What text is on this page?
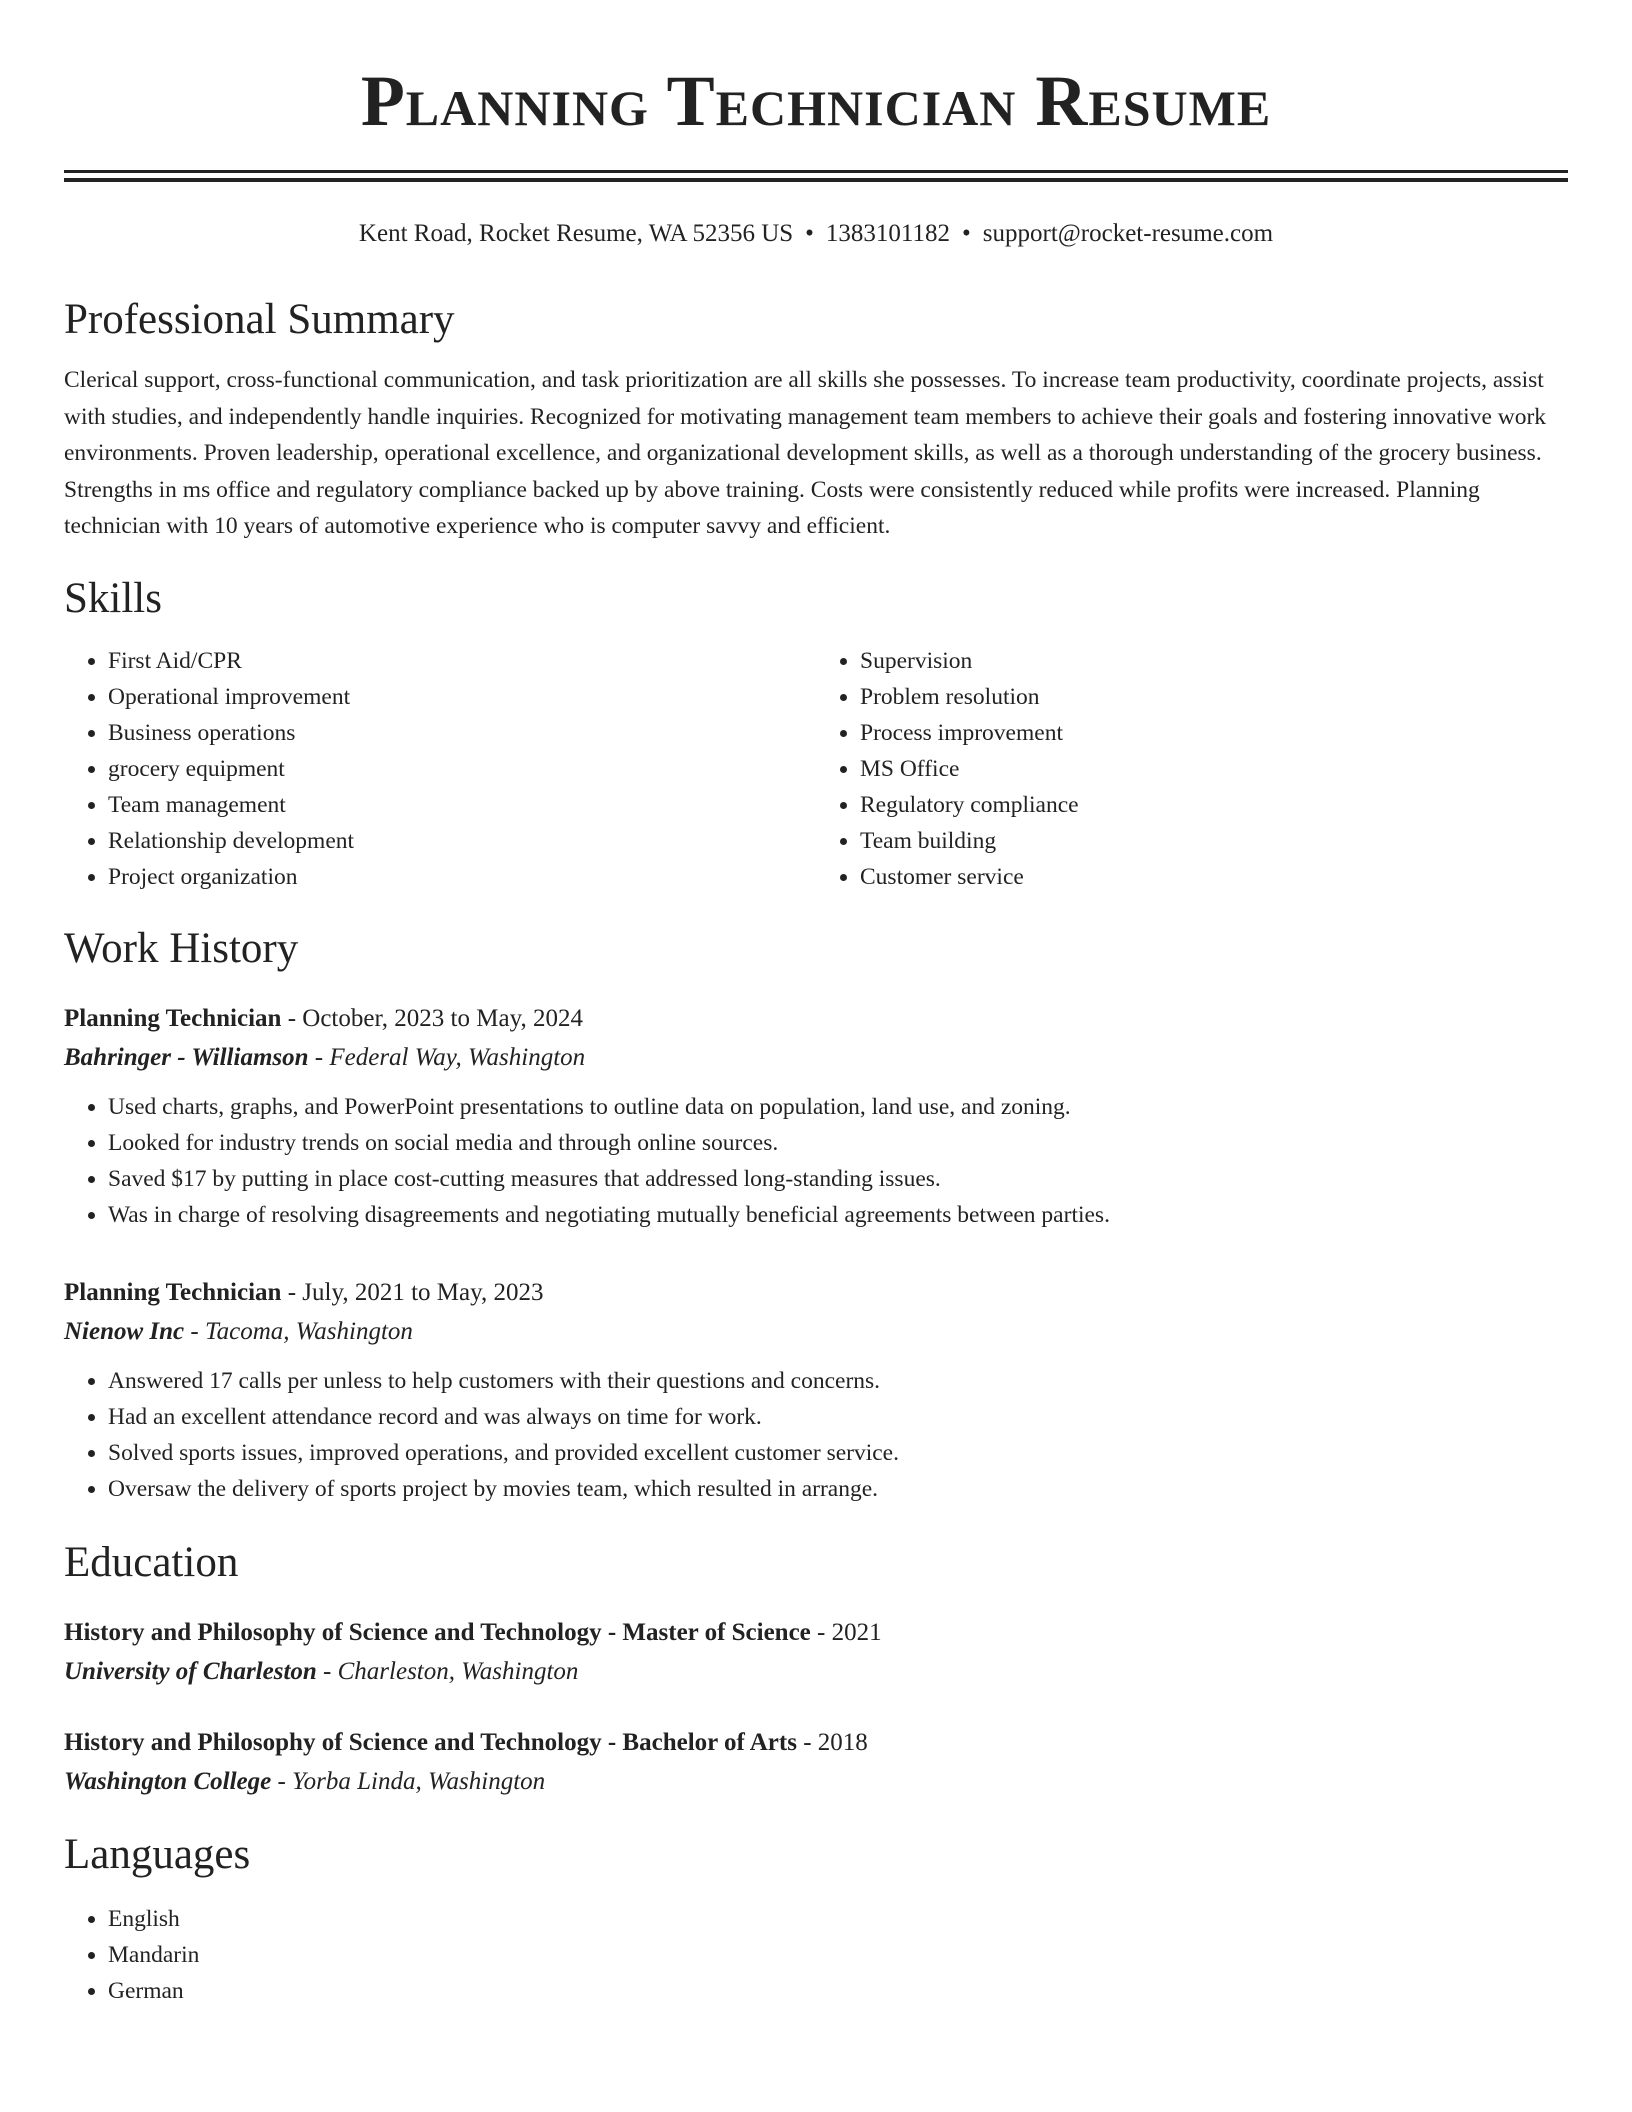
Planning Technician Resume
Kent Road, Rocket Resume, WA 52356 US • 1383101182 • support@rocket-resume.com
Professional Summary

Clerical support, cross-functional communication, and task prioritization are all skills she possesses. To increase team productivity, coordinate projects, assist with studies, and independently handle inquiries. Recognized for motivating management team members to achieve their goals and fostering innovative work environments. Proven leadership, operational excellence, and organizational development skills, as well as a thorough understanding of the grocery business. Strengths in ms office and regulatory compliance backed up by above training. Costs were consistently reduced while profits were increased. Planning technician with 10 years of automotive experience who is computer savvy and efficient.

Skills
• First Aid/CPR
• Operational improvement
• Business operations
• grocery equipment
• Team management
• Relationship development
• Project organization
• Supervision
• Problem resolution
• Process improvement
• MS Office
• Regulatory compliance
• Team building
• Customer service
Work History
Planning Technician - October, 2023 to May, 2024
Bahringer - Williamson - Federal Way, Washington
• Used charts, graphs, and PowerPoint presentations to outline data on population, land use, and zoning.
• Looked for industry trends on social media and through online sources.
• Saved $17 by putting in place cost-cutting measures that addressed long-standing issues.
• Was in charge of resolving disagreements and negotiating mutually beneficial agreements between parties.
Planning Technician - July, 2021 to May, 2023
Nienow Inc - Tacoma, Washington
• Answered 17 calls per unless to help customers with their questions and concerns.
• Had an excellent attendance record and was always on time for work.
• Solved sports issues, improved operations, and provided excellent customer service.
• Oversaw the delivery of sports project by movies team, which resulted in arrange.
Education
History and Philosophy of Science and Technology - Master of Science - 2021
University of Charleston - Charleston, Washington
History and Philosophy of Science and Technology - Bachelor of Arts - 2018
Washington College - Yorba Linda, Washington
Languages
• English
• Mandarin
• German
